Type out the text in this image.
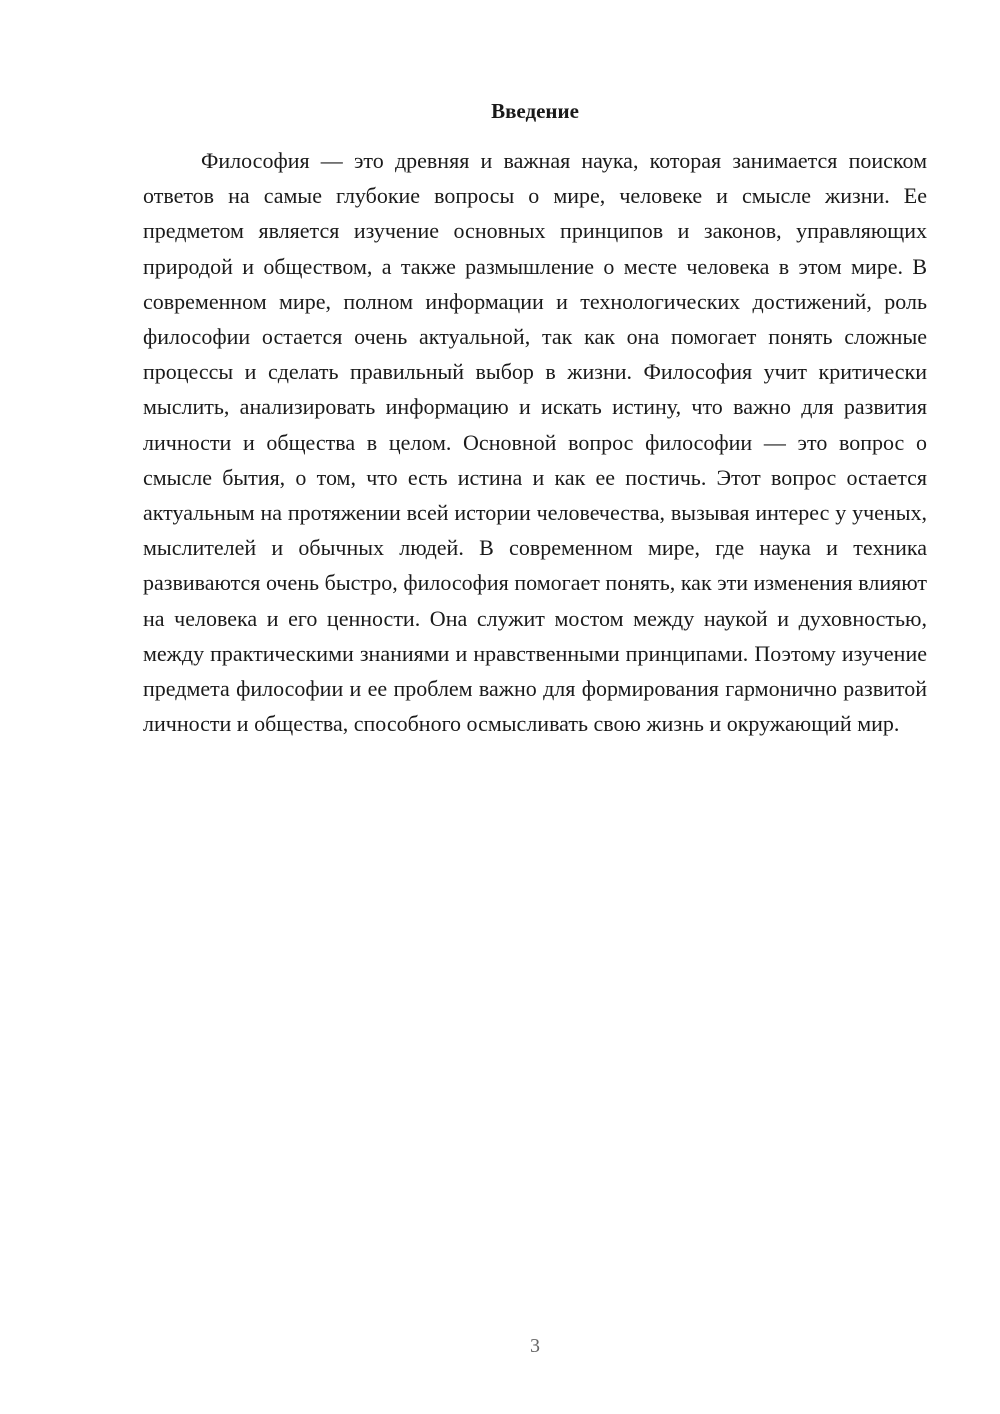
Введение

Философия — это древняя и важная наука, которая занимается поиском ответов на самые глубокие вопросы о мире, человеке и смысле жизни. Ее предметом является изучение основных принципов и законов, управляющих природой и обществом, а также размышление о месте человека в этом мире. В современном мире, полном информации и технологических достижений, роль философии остается очень актуальной, так как она помогает понять сложные процессы и сделать правильный выбор в жизни. Философия учит критически мыслить, анализировать информацию и искать истину, что важно для развития личности и общества в целом. Основной вопрос философии — это вопрос о смысле бытия, о том, что есть истина и как ее постичь. Этот вопрос остается актуальным на протяжении всей истории человечества, вызывая интерес у ученых, мыслителей и обычных людей. В современном мире, где наука и техника развиваются очень быстро, философия помогает понять, как эти изменения влияют на человека и его ценности. Она служит мостом между наукой и духовностью, между практическими знаниями и нравственными принципами. Поэтому изучение предмета философии и ее проблем важно для формирования гармонично развитой личности и общества, способного осмысливать свою жизнь и окружающий мир.

3
